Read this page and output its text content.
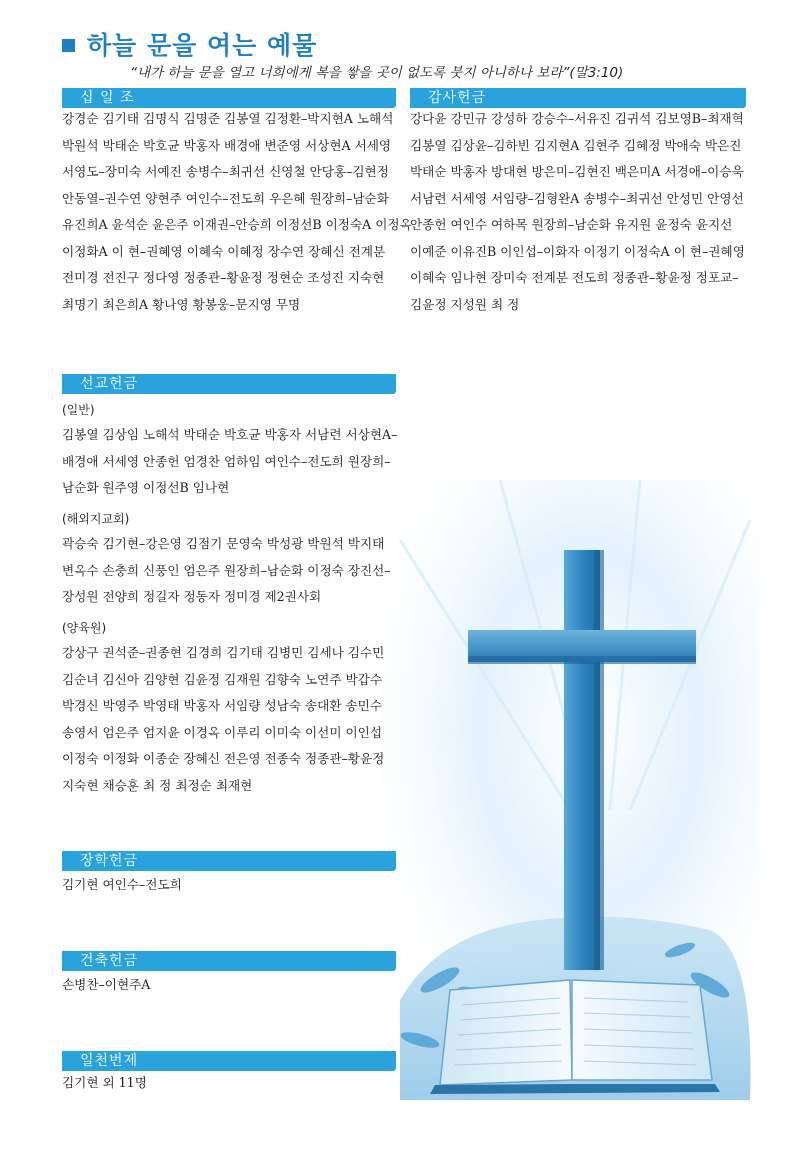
하늘 문을 여는 예물
“내가 하늘 문을 열고 너희에게 복을 쌓을 곳이 없도록 붓지 아니하나 보라”(말3:10)
십 일 조
강경순 김기태 김명식 김명준 김봉열 김정환–박지현A 노해석
박원석 박태순 박호균 박홍자 배경애 변준영 서상현A 서세영
서영도–장미숙 서예진 송병수–최귀선 신영철 안당홍–김현정
안동열–권수연 양현주 여인수–전도희 우은혜 원장희–남순화
유진희A 윤석순 윤은주 이재권–안승희 이정선B 이정숙A 이정옥
이정화A 이 현–권혜영 이혜숙 이혜정 장수연 장혜신 전계분
전미경 전진구 정다영 정종관–황윤정 정현순 조성진 지숙현
최명기 최은희A 황나영 황봉웅–문지영 무명
감사헌금
강다윤 강민규 강성하 강승수–서유진 김귀석 김보영B–최재혁
김봉열 김상윤–김하빈 김지현A 김현주 김혜정 박애숙 박은진
박태순 박홍자 방대현 방은미–김현진 백은미A 서경애–이승욱
서남련 서세영 서임량–김형완A 송병수–최귀선 안성민 안영선
안종헌 여인수 여하목 원장희–남순화 유지원 윤정숙 윤지선
이예준 이유진B 이인섭–이화자 이정기 이정숙A 이 현–권혜영
이혜숙 임나현 장미숙 전계분 전도희 정종관–황윤정 정포교–
김윤정 지성원 최 정
선교헌금
(일반)
김봉열 김상임 노해석 박태순 박호균 박홍자 서남련 서상현A–
배경애 서세영 안종헌 엄경찬 엄하임 여인수–전도희 원장희–
남순화 원주영 이정선B 임나현
(해외지교회)
곽승숙 김기현–강은영 김점기 문영숙 박성광 박원석 박지태
변옥수 손충희 신풍인 엄은주 원장희–남순화 이정숙 장진선–
장성원 전양희 정길자 정동자 정미경 제2권사회
(양육원)
강상구 권석준–권종현 김경희 김기태 김병민 김세나 김수민
김순녀 김신아 김양현 김윤정 김재원 김향숙 노연주 박갑수
박경신 박영주 박영태 박홍자 서임량 성남숙 송대환 송민수
송영서 엄은주 엄지윤 이경옥 이루리 이미숙 이선미 이인섭
이정숙 이정화 이종순 장혜신 전은영 전종숙 정종관–황윤정
지숙현 채승훈 최 정 최정순 최재현
장학헌금
김기현 여인수–전도희
건축헌금
손병찬–이현주A
일천번제
김기현 외 11명
